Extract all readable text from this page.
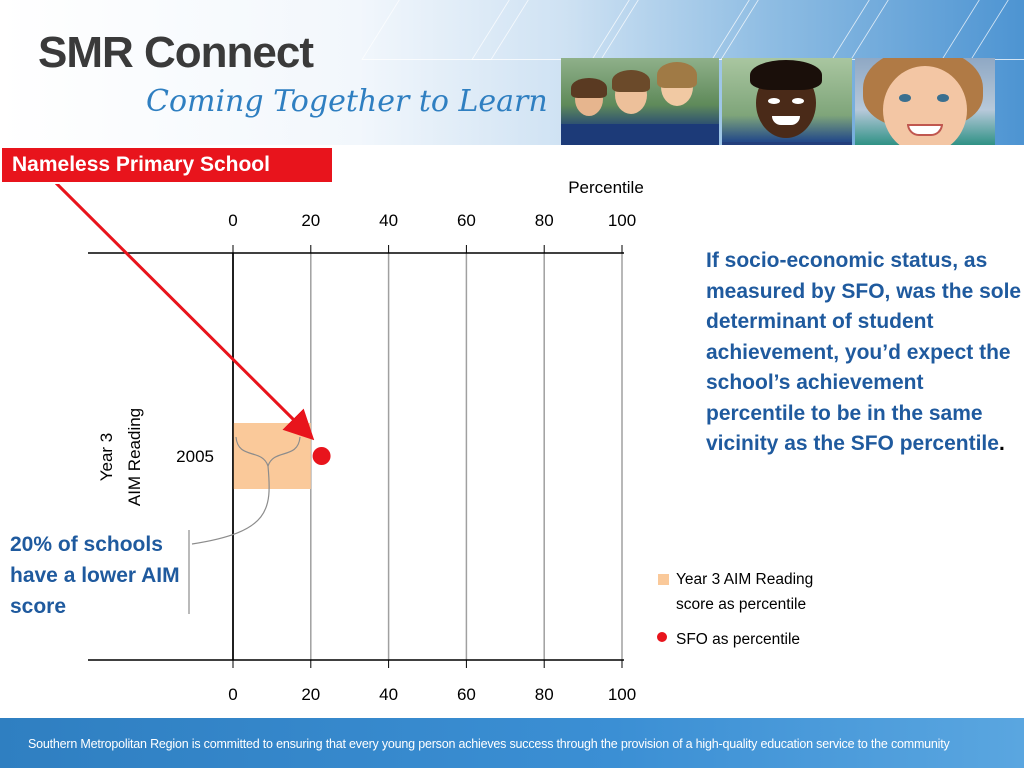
SMR Connect
Coming Together to Learn
0	20	40	60	80	100
0	20	40	60	80	100
Percentile
Year 3 AIM Reading 2005
Nameless Primary School
If socio-economic status, as measured by SFO, was the sole determinant of student achievement, you’d expect the school’s achievement percentile to be in the same vicinity as the SFO percentile.
20% of schools have a lower AIM score
Year 3 AIM Reading
score as percentile
SFO as percentile
Southern Metropolitan Region is committed to ensuring that every young person achieves success through the provision of a high-quality education service to the community
